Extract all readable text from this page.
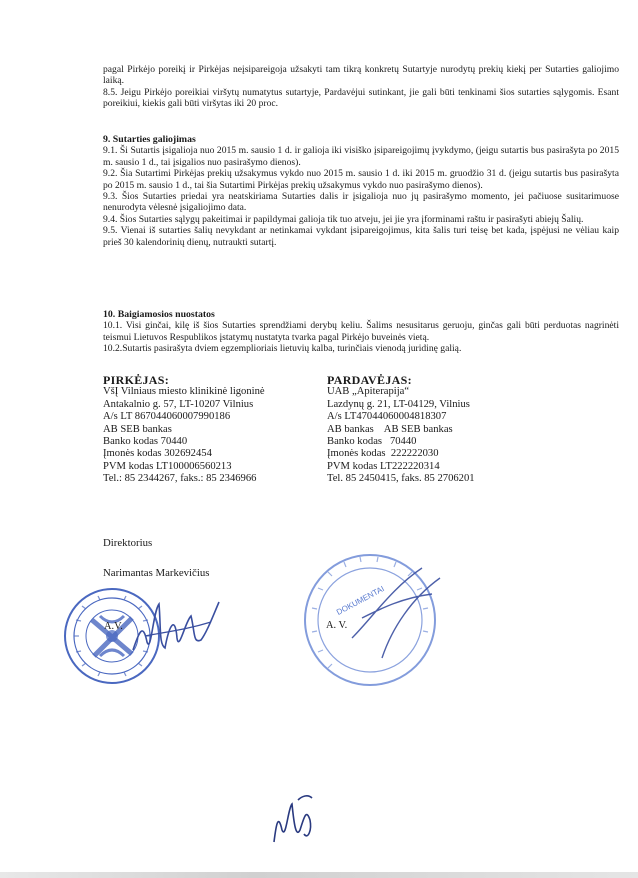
pagal Pirkėjo poreikį ir Pirkėjas neįsipareigoja užsakyti tam tikrą konkretų Sutartyje nurodytų prekių kiekį per Sutarties galiojimo laiką.

8.5. Jeigu Pirkėjo poreikiai viršytų numatytus sutartyje, Pardavėjui sutinkant, jie gali būti tenkinami šios sutarties sąlygomis. Esant poreikiui, kiekis gali būti viršytas iki 20 proc.

9. Sutarties galiojimas

9.1. Ši Sutartis įsigalioja nuo 2015 m. sausio 1 d. ir galioja iki visiško įsipareigojimų įvykdymo, (jeigu sutartis bus pasirašyta po 2015 m. sausio 1 d., tai įsigalios nuo pasirašymo dienos).

9.2. Šia Sutartimi Pirkėjas prekių užsakymus vykdo nuo 2015 m. sausio 1 d. iki 2015 m. gruodžio 31 d. (jeigu sutartis bus pasirašyta po 2015 m. sausio 1 d., tai šia Sutartimi Pirkėjas prekių užsakymus vykdo nuo pasirašymo dienos).

9.3. Šios Sutarties priedai yra neatskiriama Sutarties dalis ir įsigalioja nuo jų pasirašymo momento, jei pačiuose susitarimuose nenurodyta vėlesnė įsigaliojimo data.

9.4. Šios Sutarties sąlygų pakeitimai ir papildymai galioja tik tuo atveju, jei jie yra įforminami raštu ir pasirašyti abiejų Šalių.

9.5. Vienai iš sutarties šalių nevykdant ar netinkamai vykdant įsipareigojimus, kita šalis turi teisę bet kada, įspėjusi ne vėliau kaip prieš 30 kalendorinių dienų, nutraukti sutartį.

10. Baigiamosios nuostatos

10.1. Visi ginčai, kilę iš šios Sutarties sprendžiami derybų keliu. Šalims nesusitarus geruoju, ginčas gali būti perduotas nagrinėti teismui Lietuvos Respublikos įstatymų nustatyta tvarka pagal Pirkėjo buveinės vietą.

10.2.Sutartis pasirašyta dviem egzemplioriais lietuvių kalba, turinčiais vienodą juridinę galią.

PIRKĖJAS:
VšĮ Vilniaus miesto klinikinė ligoninė
Antakalnio g. 57, LT-10207 Vilnius
A/s LT 867044060007990186
AB SEB bankas
Banko kodas 70440
Įmonės kodas 302692454
PVM kodas LT100006560213
Tel.: 85 2344267, faks.: 85 2346966
PARDAVĖJAS:
UAB „Apiterapija“
Lazdynų g. 21, LT-04129, Vilnius
A/s LT47044060004818307
AB bankas    AB SEB bankas
Banko kodas   70440
Įmonės kodas  222222030
PVM kodas LT222220314
Tel. 85 2450415, faks. 85 2706201
Direktorius
Narimantas Markevičius
A.V.
DOKUMENTAI
A. V.
